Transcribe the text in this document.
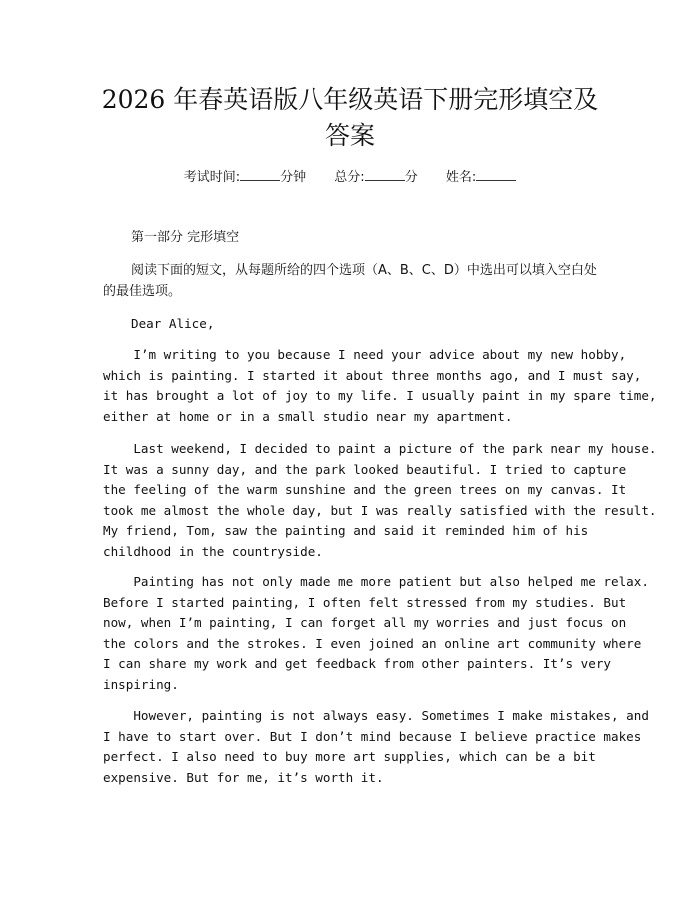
2026 年春英语版八年级英语下册完形填空及
答案
考试时间:	分钟 总分:	分 姓名:
第一部分 完形填空

阅读下面的短文，从每题所给的四个选项（A、B、C、D）中选出可以填入空白处的最佳选项。

Dear Alice,

I’m writing to you because I need your advice about my new hobby,
which is painting. I started it about three months ago, and I must say,
it has brought a lot of joy to my life. I usually paint in my spare time,
either at home or in a small studio near my apartment.

Last weekend, I decided to paint a picture of the park near my house.
It was a sunny day, and the park looked beautiful. I tried to capture
the feeling of the warm sunshine and the green trees on my canvas. It
took me almost the whole day, but I was really satisfied with the result.
My friend, Tom, saw the painting and said it reminded him of his
childhood in the countryside.

Painting has not only made me more patient but also helped me relax.
Before I started painting, I often felt stressed from my studies. But
now, when I’m painting, I can forget all my worries and just focus on
the colors and the strokes. I even joined an online art community where
I can share my work and get feedback from other painters. It’s very
inspiring.

However, painting is not always easy. Sometimes I make mistakes, and
I have to start over. But I don’t mind because I believe practice makes
perfect. I also need to buy more art supplies, which can be a bit
expensive. But for me, it’s worth it.
